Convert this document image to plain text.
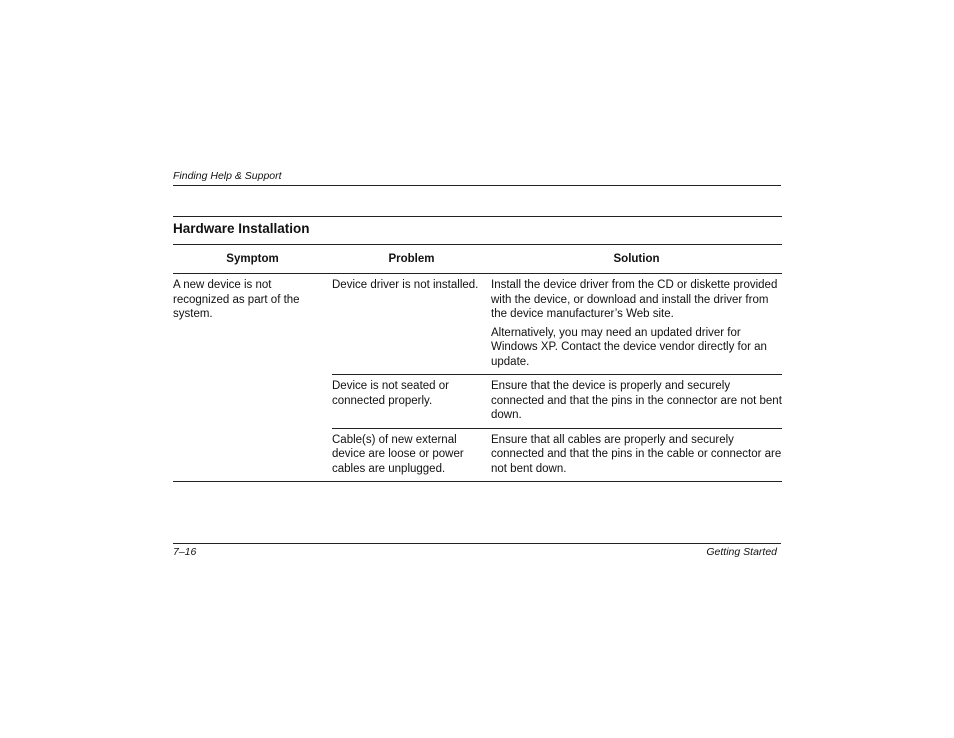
Finding Help & Support
Hardware Installation
Symptom	Problem	Solution
A new device is not recognized as part of the system.	Device driver is not installed.	Install the device driver from the CD or diskette provided with the device, or download and install the driver from the device manufacturer’s Web site.

Alternatively, you may need an updated driver for Windows XP. Contact the device vendor directly for an update.

	Device is not seated or connected properly.	Ensure that the device is properly and securely connected and that the pins in the connector are not bent down.

	Cable(s) of new external device are loose or power cables are unplugged.	Ensure that all cables are properly and securely connected and that the pins in the cable or connector are not bent down.

7–16	Getting Started
